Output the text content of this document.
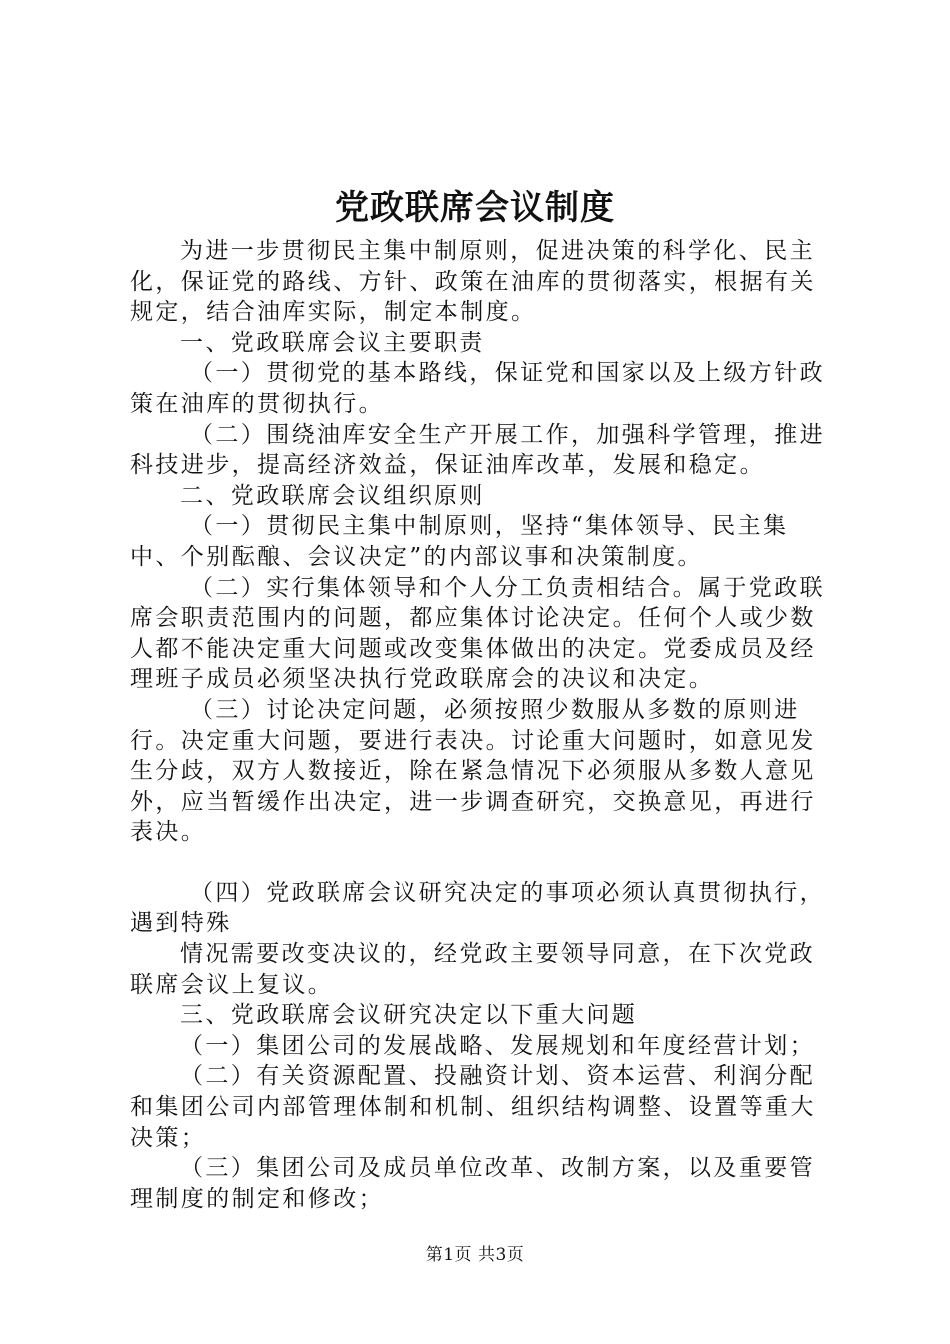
党政联席会议制度

为进一步贯彻民主集中制原则，促进决策的科学化、民主化，保证党的路线、方针、政策在油库的贯彻落实，根据有关规定，结合油库实际，制定本制度。

一、党政联席会议主要职责

（一）贯彻党的基本路线，保证党和国家以及上级方针政策在油库的贯彻执行。

（二）围绕油库安全生产开展工作，加强科学管理，推进科技进步，提高经济效益，保证油库改革，发展和稳定。

二、党政联席会议组织原则

（一）贯彻民主集中制原则，坚持“集体领导、民主集中、个别酝酿、会议决定”的内部议事和决策制度。

（二）实行集体领导和个人分工负责相结合。属于党政联席会职责范围内的问题，都应集体讨论决定。任何个人或少数人都不能决定重大问题或改变集体做出的决定。党委成员及经理班子成员必须坚决执行党政联席会的决议和决定。

（三）讨论决定问题，必须按照少数服从多数的原则进行。决定重大问题，要进行表决。讨论重大问题时，如意见发生分歧，双方人数接近，除在紧急情况下必须服从多数人意见外，应当暂缓作出决定，进一步调查研究，交换意见，再进行表决。

（四）党政联席会议研究决定的事项必须认真贯彻执行，遇到特殊

情况需要改变决议的，经党政主要领导同意，在下次党政联席会议上复议。

三、党政联席会议研究决定以下重大问题

（一）集团公司的发展战略、发展规划和年度经营计划；

（二）有关资源配置、投融资计划、资本运营、利润分配和集团公司内部管理体制和机制、组织结构调整、设置等重大决策；

（三）集团公司及成员单位改革、改制方案，以及重要管理制度的制定和修改；

第1页 共3页
